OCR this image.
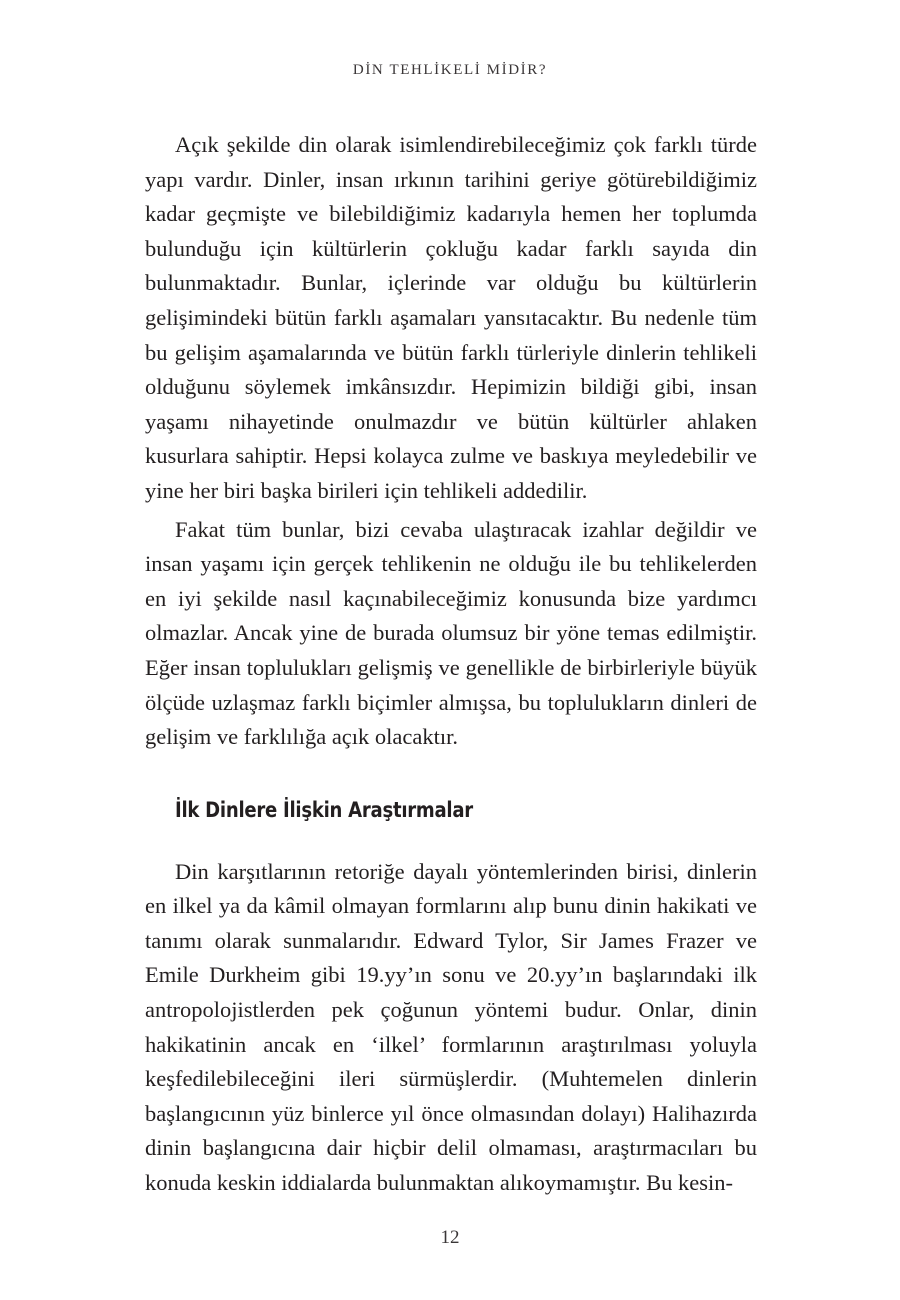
DİN TEHLİKELİ MİDİR?

Açık şekilde din olarak isimlendirebileceğimiz çok farklı türde yapı vardır. Dinler, insan ırkının tarihini geriye götürebildiğimiz kadar geçmişte ve bilebildiğimiz kadarıyla hemen her toplumda bulunduğu için kültürlerin çokluğu kadar farklı sayıda din bulunmaktadır. Bunlar, içlerinde var olduğu bu kültürlerin gelişimindeki bütün farklı aşamaları yansıtacaktır. Bu nedenle tüm bu gelişim aşamalarında ve bütün farklı türleriyle dinlerin tehlikeli olduğunu söylemek imkânsızdır. Hepimizin bildiği gibi, insan yaşamı nihayetinde onulmazdır ve bütün kültürler ahlaken kusurlara sahiptir. Hepsi kolayca zulme ve baskıya meyledebilir ve yine her biri başka birileri için tehlikeli addedilir.

Fakat tüm bunlar, bizi cevaba ulaştıracak izahlar değildir ve insan yaşamı için gerçek tehlikenin ne olduğu ile bu tehlikelerden en iyi şekilde nasıl kaçınabileceğimiz konusunda bize yardımcı olmazlar. Ancak yine de burada olumsuz bir yöne temas edilmiştir. Eğer insan toplulukları gelişmiş ve genellikle de birbirleriyle büyük ölçüde uzlaşmaz farklı biçimler almışsa, bu toplulukların dinleri de gelişim ve farklılığa açık olacaktır.

İlk Dinlere İlişkin Araştırmalar

Din karşıtlarının retoriğe dayalı yöntemlerinden birisi, dinlerin en ilkel ya da kâmil olmayan formlarını alıp bunu dinin hakikati ve tanımı olarak sunmalarıdır. Edward Tylor, Sir James Frazer ve Emile Durkheim gibi 19.yy’ın sonu ve 20.yy’ın başlarındaki ilk antropolojistlerden pek çoğunun yöntemi budur. Onlar, dinin hakikatinin ancak en ‘ilkel’ formlarının araştırılması yoluyla keşfedilebileceğini ileri sürmüşlerdir. (Muhtemelen dinlerin başlangıcının yüz binlerce yıl önce olmasından dolayı) Halihazırda dinin başlangıcına dair hiçbir delil olmaması, araştırmacıları bu konuda keskin iddialarda bulunmaktan alıkoymamıştır. Bu kesin-

12
